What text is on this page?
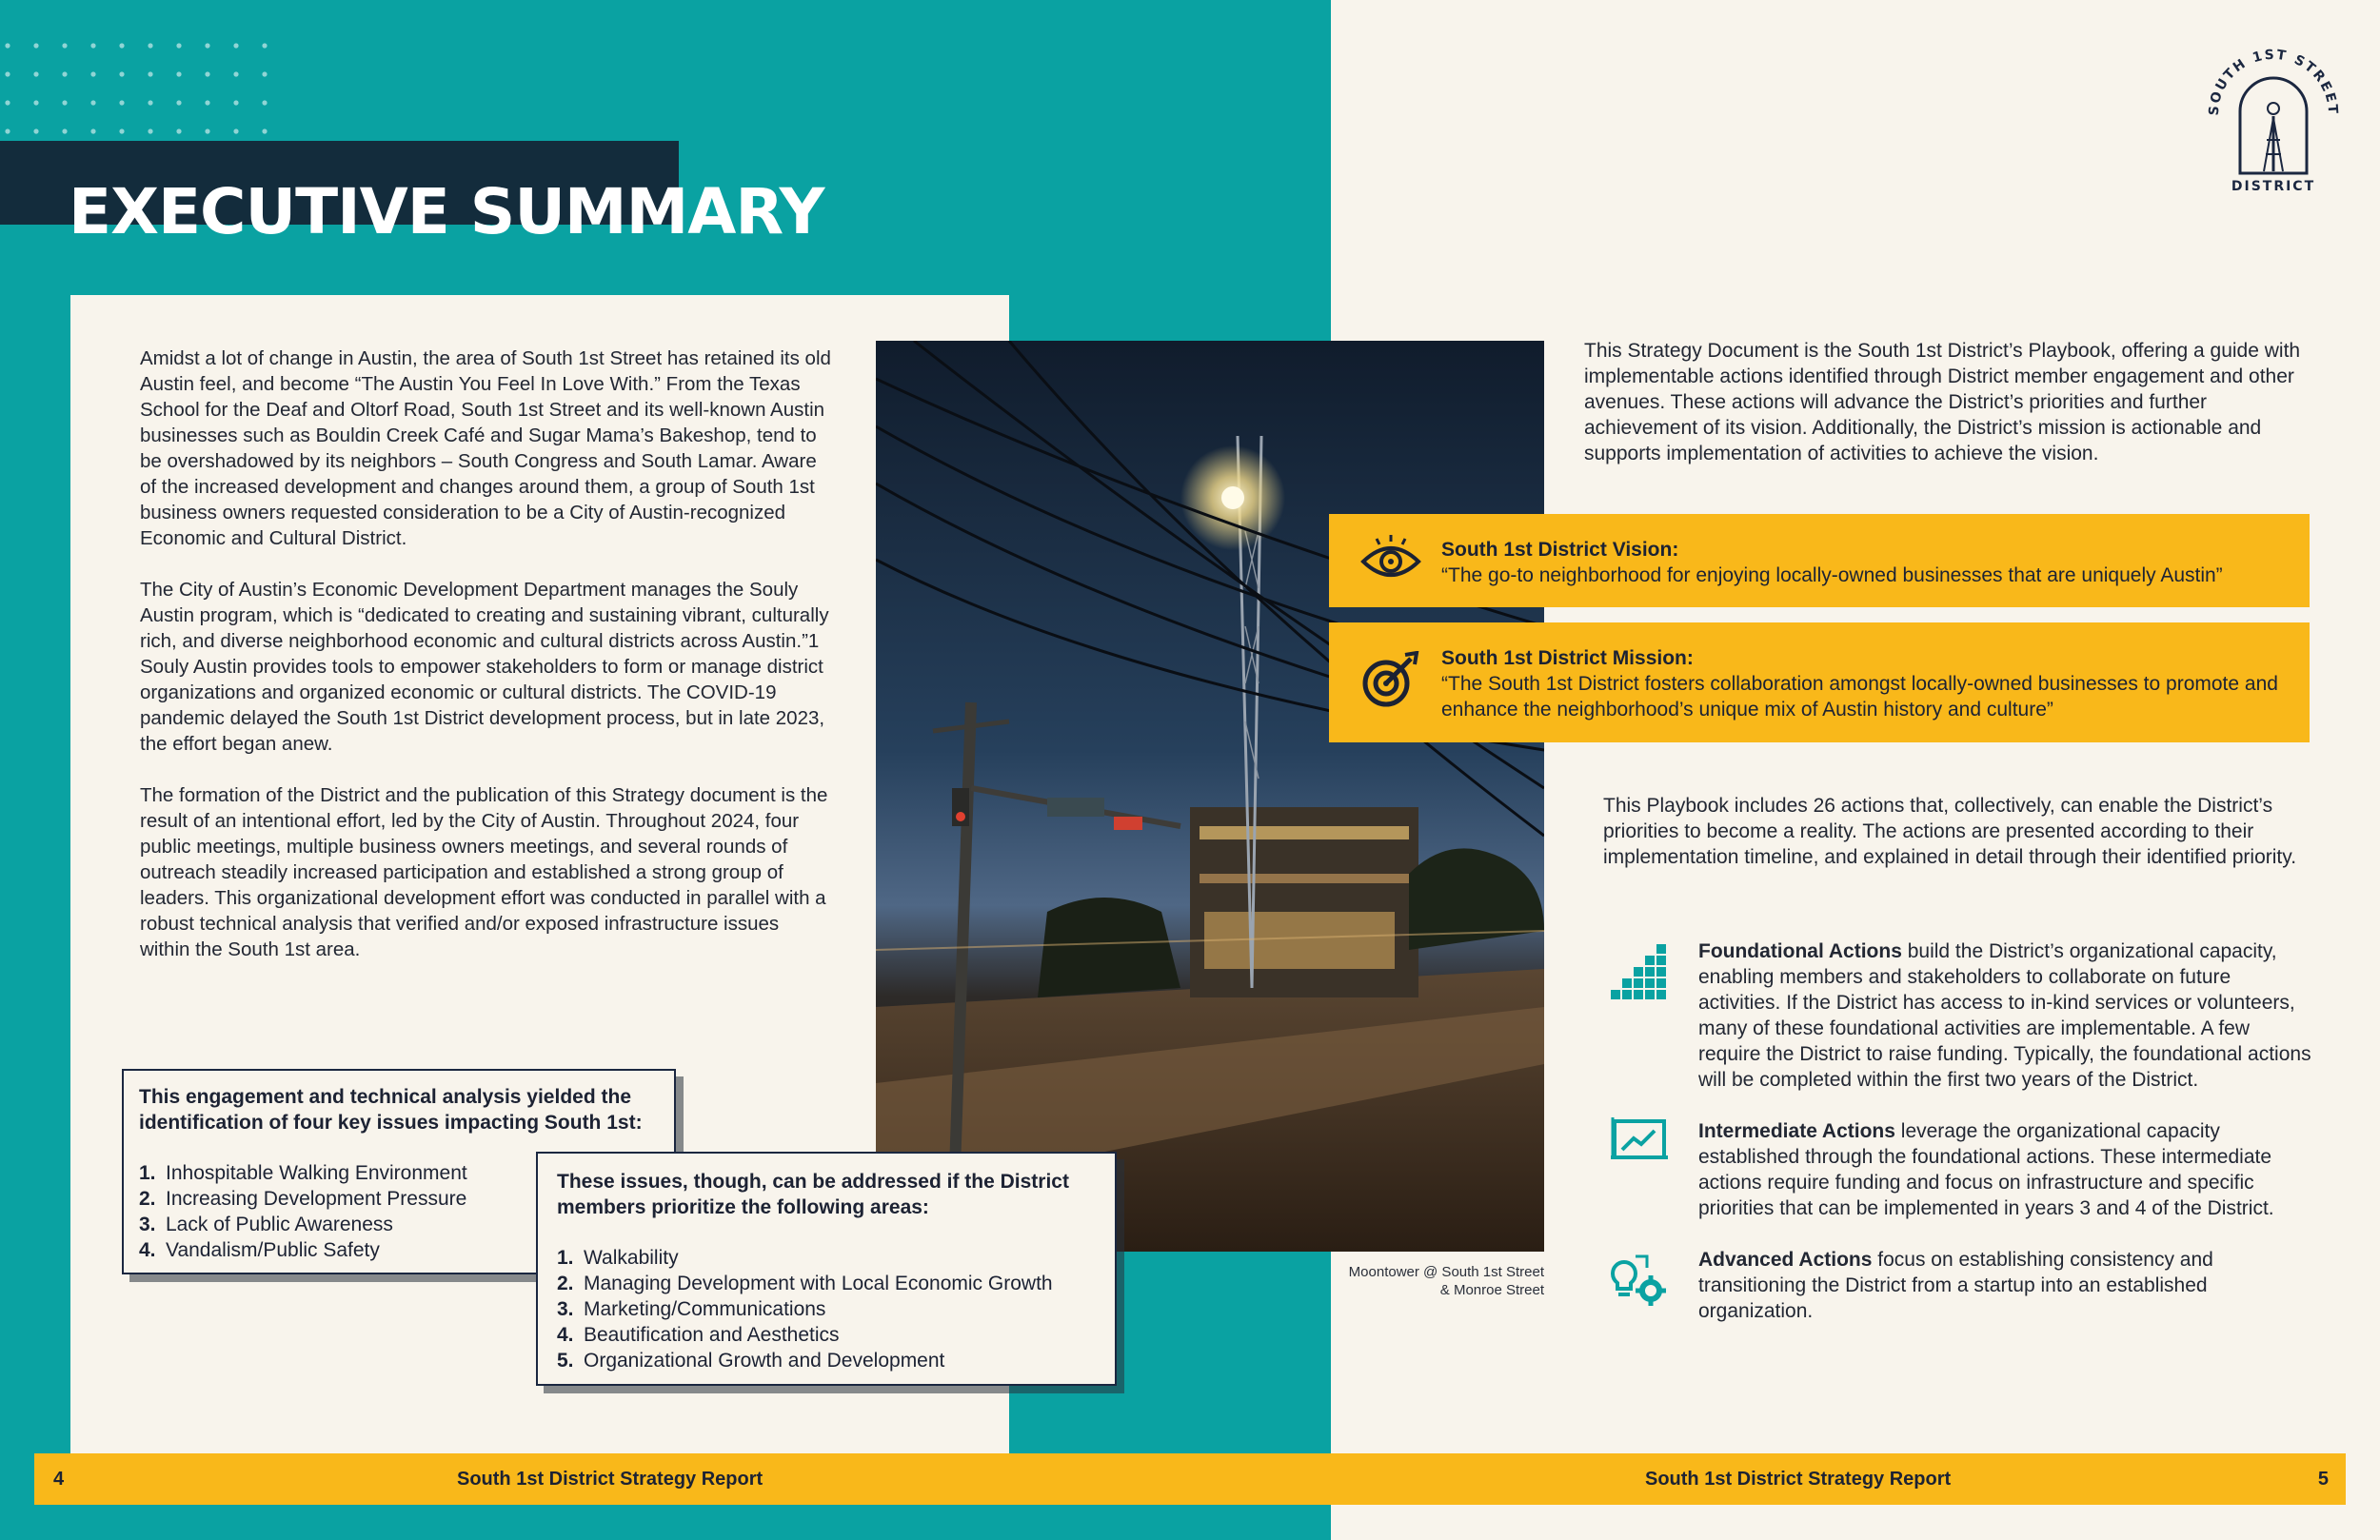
EXECUTIVE SUMMARY
SOUTH 1ST STREET
DISTRICT

Amidst a lot of change in Austin, the area of South 1st Street has retained its old Austin feel, and become “The Austin You Feel In Love With.” From the Texas School for the Deaf and Oltorf Road, South 1st Street and its well-known Austin businesses such as Bouldin Creek Café and Sugar Mama’s Bakeshop, tend to be overshadowed by its neighbors – South Congress and South Lamar. Aware of the increased development and changes around them, a group of South 1st business owners requested consideration to be a City of Austin-recognized Economic and Cultural District.

The City of Austin’s Economic Development Department manages the Souly Austin program, which is “dedicated to creating and sustaining vibrant, culturally rich, and diverse neighborhood economic and cultural districts across Austin.”1 Souly Austin provides tools to empower stakeholders to form or manage district organizations and organized economic or cultural districts. The COVID-19 pandemic delayed the South 1st District development process, but in late 2023, the effort began anew.

The formation of the District and the publication of this Strategy document is the result of an intentional effort, led by the City of Austin. Throughout 2024, four public meetings, multiple business owners meetings, and several rounds of outreach steadily increased participation and established a strong group of leaders. This organizational development effort was conducted in parallel with a robust technical analysis that verified and/or exposed infrastructure issues within the South 1st area.

Moontower @ South 1st Street
& Monroe Street
This engagement and technical analysis yielded the identification of four key issues impacting South 1st:
1. Inhospitable Walking Environment
2. Increasing Development Pressure
3. Lack of Public Awareness
4. Vandalism/Public Safety
These issues, though, can be addressed if the District members prioritize the following areas:
1. Walkability
2. Managing Development with Local Economic Growth
3. Marketing/Communications
4. Beautification and Aesthetics
5. Organizational Growth and Development
This Strategy Document is the South 1st District’s Playbook, offering a guide with implementable actions identified through District member engagement and other avenues. These actions will advance the District’s priorities and further achievement of its vision. Additionally, the District’s mission is actionable and supports implementation of activities to achieve the vision.
South 1st District Vision:
“The go-to neighborhood for enjoying locally-owned businesses that are uniquely Austin”
South 1st District Mission:
“The South 1st District fosters collaboration amongst locally-owned businesses to promote and enhance the neighborhood’s unique mix of Austin history and culture”
This Playbook includes 26 actions that, collectively, can enable the District’s priorities to become a reality. The actions are presented according to their implementation timeline, and explained in detail through their identified priority.
Foundational Actions build the District’s organizational capacity, enabling members and stakeholders to collaborate on future activities. If the District has access to in-kind services or volunteers, many of these foundational activities are implementable. A few require the District to raise funding. Typically, the foundational actions will be completed within the first two years of the District.
Intermediate Actions leverage the organizational capacity established through the foundational actions. These intermediate actions require funding and focus on infrastructure and specific priorities that can be implemented in years 3 and 4 of the District.
Advanced Actions focus on establishing consistency and transitioning the District from a startup into an established organization.
4	South 1st District Strategy Report	South 1st District Strategy Report	5
